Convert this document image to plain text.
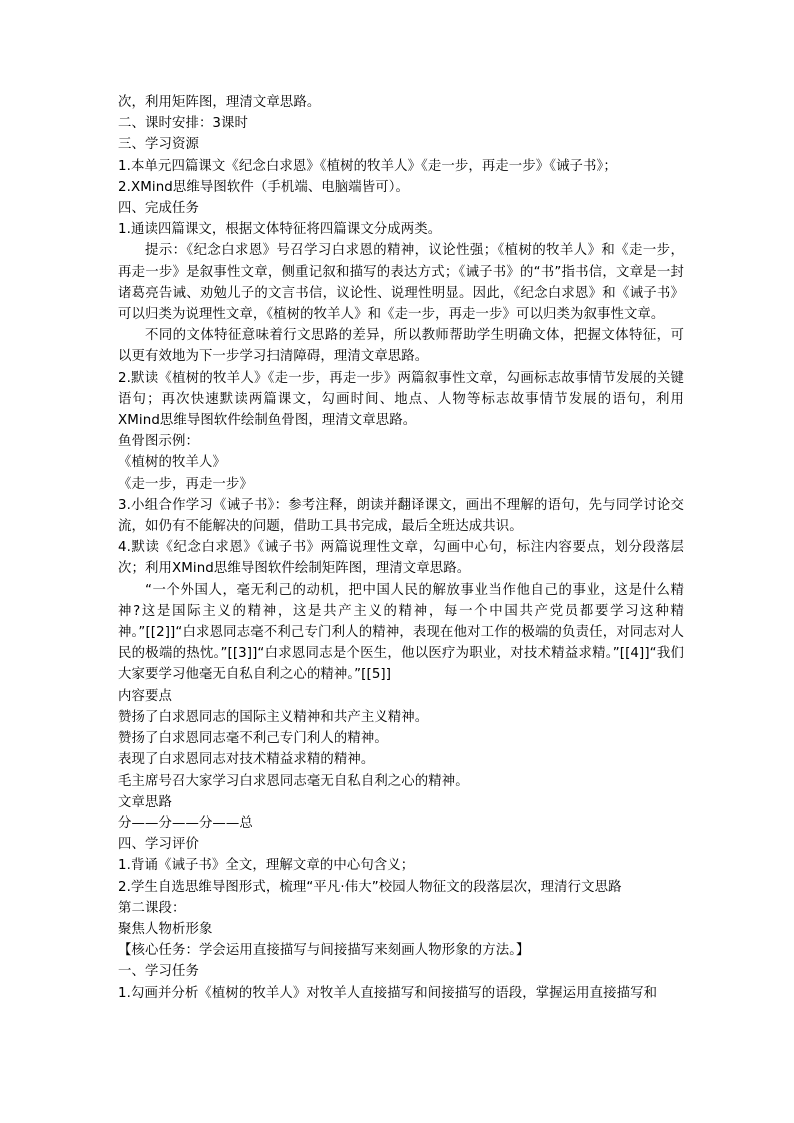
次，利用矩阵图，理清文章思路。
二、课时安排：3课时
三、学习资源
1.本单元四篇课文《纪念白求恩》《植树的牧羊人》《走一步，再走一步》《诫子书》；
2.XMind思维导图软件（手机端、电脑端皆可）。
四、完成任务
1.通读四篇课文，根据文体特征将四篇课文分成两类。
提示：《纪念白求恩》号召学习白求恩的精神，议论性强；《植树的牧羊人》和《走一步，再走一步》是叙事性文章，侧重记叙和描写的表达方式；《诫子书》的“书”指书信，文章是一封诸葛亮告诫、劝勉儿子的文言书信，议论性、说理性明显。因此，《纪念白求恩》和《诫子书》可以归类为说理性文章，《植树的牧羊人》和《走一步，再走一步》可以归类为叙事性文章。
不同的文体特征意味着行文思路的差异，所以教师帮助学生明确文体，把握文体特征，可以更有效地为下一步学习扫清障碍，理清文章思路。
2.默读《植树的牧羊人》《走一步，再走一步》两篇叙事性文章，勾画标志故事情节发展的关键语句；再次快速默读两篇课文，勾画时间、地点、人物等标志故事情节发展的语句，利用XMind思维导图软件绘制鱼骨图，理清文章思路。
鱼骨图示例：
《植树的牧羊人》
《走一步，再走一步》
3.小组合作学习《诫子书》：参考注释，朗读并翻译课文，画出不理解的语句，先与同学讨论交流，如仍有不能解决的问题，借助工具书完成，最后全班达成共识。
4.默读《纪念白求恩》《诫子书》两篇说理性文章，勾画中心句，标注内容要点，划分段落层次；利用XMind思维导图软件绘制矩阵图，理清文章思路。
“一个外国人，毫无利己的动机，把中国人民的解放事业当作他自己的事业，这是什么精神?这是国际主义的精神，这是共产主义的精神，每一个中国共产党员都要学习这种精神。”[[2]]“白求恩同志毫不利己专门利人的精神，表现在他对工作的极端的负责任，对同志对人民的极端的热忱。”[[3]]“白求恩同志是个医生，他以医疗为职业，对技术精益求精。”[[4]]“我们大家要学习他毫无自私自利之心的精神。”[[5]]
内容要点
赞扬了白求恩同志的国际主义精神和共产主义精神。
赞扬了白求恩同志毫不利己专门利人的精神。
表现了白求恩同志对技术精益求精的精神。
毛主席号召大家学习白求恩同志毫无自私自利之心的精神。
文章思路
分——分——分——总
四、学习评价
1.背诵《诫子书》全文，理解文章的中心句含义；
2.学生自选思维导图形式，梳理“平凡·伟大”校园人物征文的段落层次，理清行文思路
第二课段：
聚焦人物析形象
【核心任务：学会运用直接描写与间接描写来刻画人物形象的方法。】
一、学习任务
1.勾画并分析《植树的牧羊人》对牧羊人直接描写和间接描写的语段，掌握运用直接描写和
